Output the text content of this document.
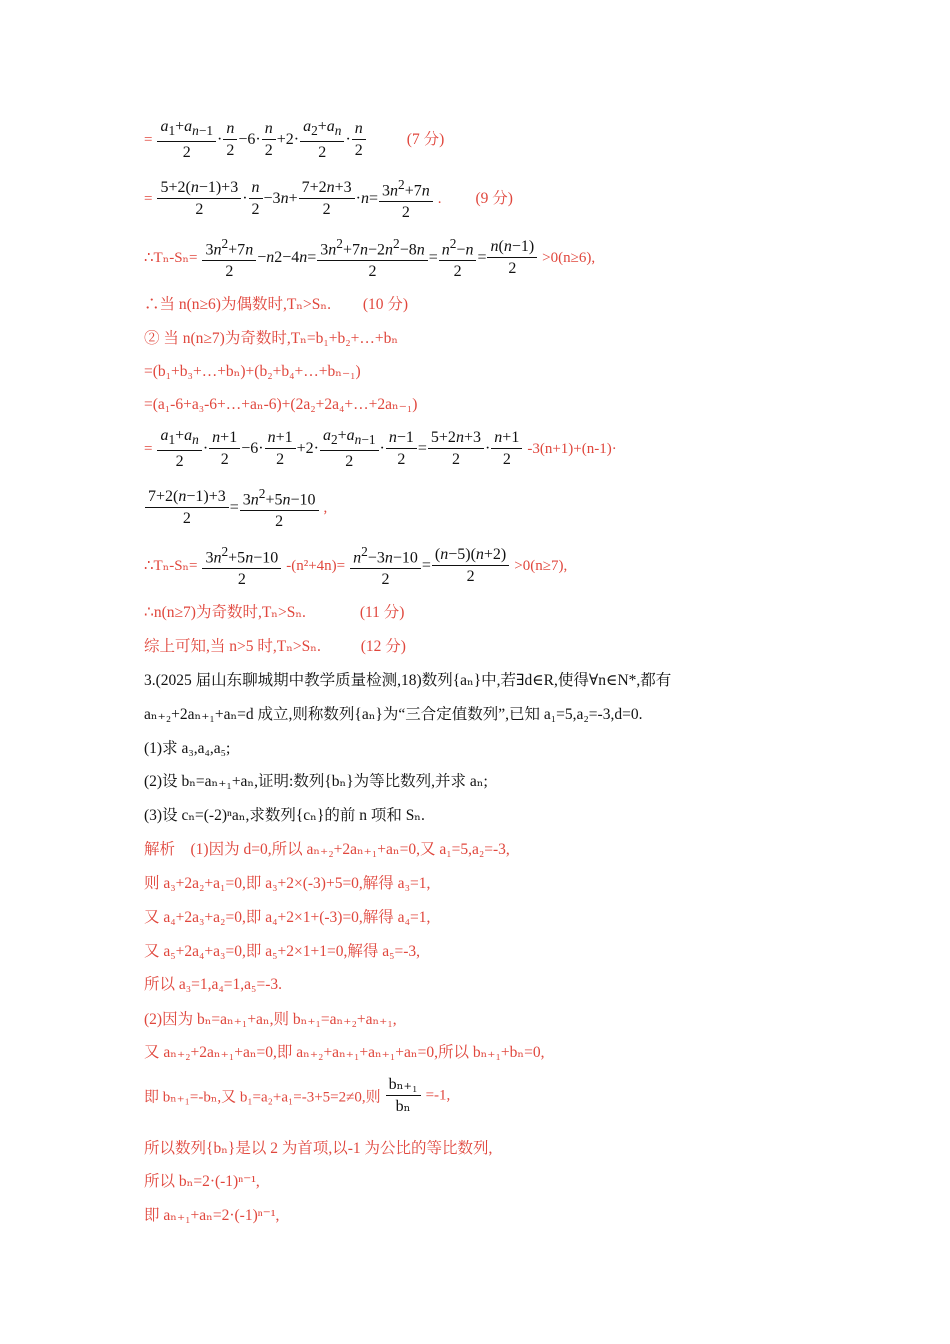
= $\frac{a_1+a_{n-1}}{2} \cdot \frac{n}{2} -6\cdot \frac{n}{2} +2\cdot \frac{a_2+a_n}{2} \cdot \frac{n}{2}$	(7 分)
= $\frac{5+2(n-1)+3}{2} \cdot \frac{n}{2} -3n+ \frac{7+2n+3}{2} \cdot n= \frac{3n^2+7n}{2}$ . (9 分)
∴Tₙ-Sₙ= $\frac{3n^2+7n}{2} -n2-4n= \frac{3n^2+7n-2n^2-8n}{2} = \frac{n^2-n}{2} = \frac{n(n-1)}{2} >0(n\ge 6)$,
∴当 n(n≥6)为偶数时,Tₙ>Sₙ. (10 分)
② 当 n(n≥7)为奇数时,Tₙ=b₁+b₂+…+bₙ
=(b₁+b₃+…+bₙ)+(b₂+b₄+…+bₙ₋₁)
=(a₁-6+a₃-6+…+aₙ-6)+(2a₂+2a₄+…+2aₙ₋₁)
= $\frac{a_1+a_n}{2} \cdot \frac{n+1}{2} -6\cdot \frac{n+1}{2} +2\cdot \frac{a_2+a_{n-1}}{2} \cdot \frac{n-1}{2} = \frac{5+2n+3}{2} \cdot \frac{n+1}{2} -3(n+1)+(n-1)\cdot$
$\frac{7+2(n-1)+3}{2} = \frac{3n^2+5n-10}{2}$ ,
∴Tₙ-Sₙ= $\frac{3n^2+5n-10}{2} -(n^2+4n)= \frac{n^2-3n-10}{2} = \frac{(n-5)(n+2)}{2} >0(n\ge 7)$,
∴n(n≥7)为奇数时,Tₙ>Sₙ.	(11 分)
综上可知,当 n>5 时,Tₙ>Sₙ.	(12 分)
3.(2025 届山东聊城期中教学质量检测,18)数列{aₙ}中,若∃d∈R,使得∀n∈N*,都有
aₙ₊₂+2aₙ₊₁+aₙ=d 成立,则称数列{aₙ}为“三合定值数列”,已知 a₁=5,a₂=-3,d=0.
(1)求 a₃,a₄,a₅;
(2)设 bₙ=aₙ₊₁+aₙ,证明:数列{bₙ}为等比数列,并求 aₙ;
(3)设 cₙ=(-2)ⁿaₙ,求数列{cₙ}的前 n 项和 Sₙ.
解析　(1)因为 d=0,所以 aₙ₊₂+2aₙ₊₁+aₙ=0,又 a₁=5,a₂=-3,
则 a₃+2a₂+a₁=0,即 a₃+2×(-3)+5=0,解得 a₃=1,
又 a₄+2a₃+a₂=0,即 a₄+2×1+(-3)=0,解得 a₄=1,
又 a₅+2a₄+a₃=0,即 a₅+2×1+1=0,解得 a₅=-3,
所以 a₃=1,a₄=1,a₅=-3.
(2)因为 bₙ=aₙ₊₁+aₙ,则 bₙ₊₁=aₙ₊₂+aₙ₊₁,
又 aₙ₊₂+2aₙ₊₁+aₙ=0,即 aₙ₊₂+aₙ₊₁+aₙ₊₁+aₙ=0,所以 bₙ₊₁+bₙ=0,
即 bₙ₊₁=-bₙ,又 b₁=a₂+a₁=-3+5=2≠0,则 $\frac{\text{bₙ₊₁}}{\text{bₙ}} =-1$,
所以数列{bₙ}是以 2 为首项,以-1 为公比的等比数列,
所以 bₙ=2·(-1)ⁿ⁻¹,
即 aₙ₊₁+aₙ=2·(-1)ⁿ⁻¹,
